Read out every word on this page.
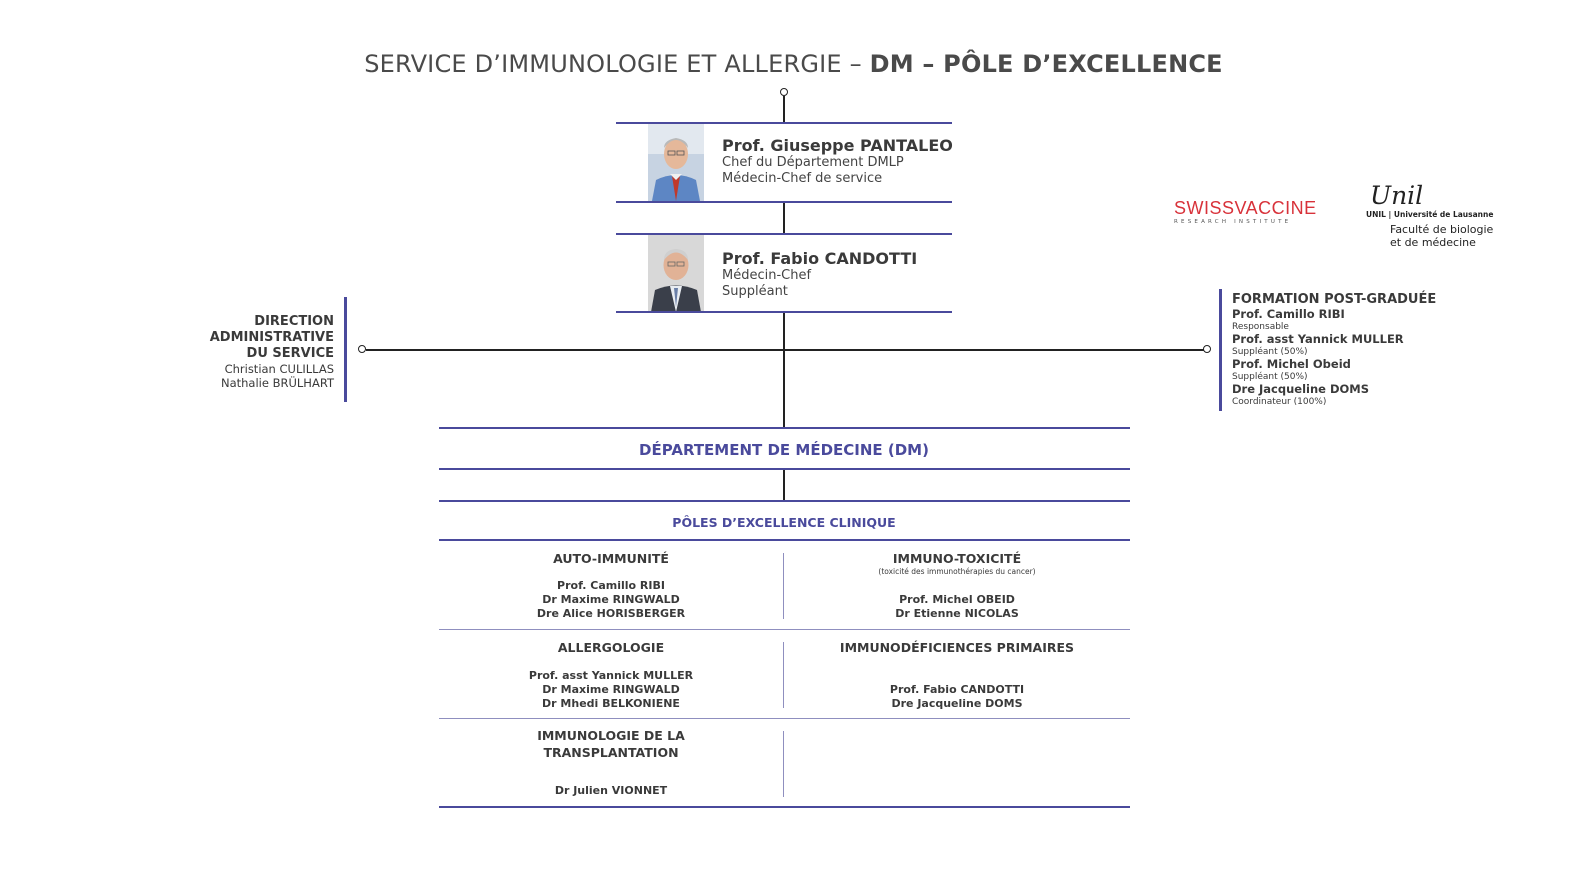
SERVICE D’IMMUNOLOGIE ET ALLERGIE – DM – PÔLE D’EXCELLENCE
Prof. Giuseppe PANTALEO
Chef du Département DMLP
Médecin-Chef de service
Prof. Fabio CANDOTTI
Médecin-Chef
Suppléant
SWISSVACCINE
RESEARCH INSTITUTE
Unil
UNIL | Université de Lausanne
Faculté de biologie
et de médecine
DIRECTION
ADMINISTRATIVE
DU SERVICE
Christian CULILLAS
Nathalie BRÜLHART
FORMATION POST-GRADUÉE
Prof. Camillo RIBI
Responsable
Prof. asst Yannick MULLER
Suppléant (50%)
Prof. Michel Obeid
Suppléant (50%)
Dre Jacqueline DOMS
Coordinateur (100%)
DÉPARTEMENT DE MÉDECINE (DM)
PÔLES D’EXCELLENCE CLINIQUE
AUTO-IMMUNITÉ
Prof. Camillo RIBI
Dr Maxime RINGWALD
Dre Alice HORISBERGER
IMMUNO-TOXICITÉ
(toxicité des immunothérapies du cancer)
Prof. Michel OBEID
Dr Etienne NICOLAS
ALLERGOLOGIE
Prof. asst Yannick MULLER
Dr Maxime RINGWALD
Dr Mhedi BELKONIENE
IMMUNODÉFICIENCES PRIMAIRES
Prof. Fabio CANDOTTI
Dre Jacqueline DOMS
IMMUNOLOGIE DE LA
TRANSPLANTATION
Dr Julien VIONNET
